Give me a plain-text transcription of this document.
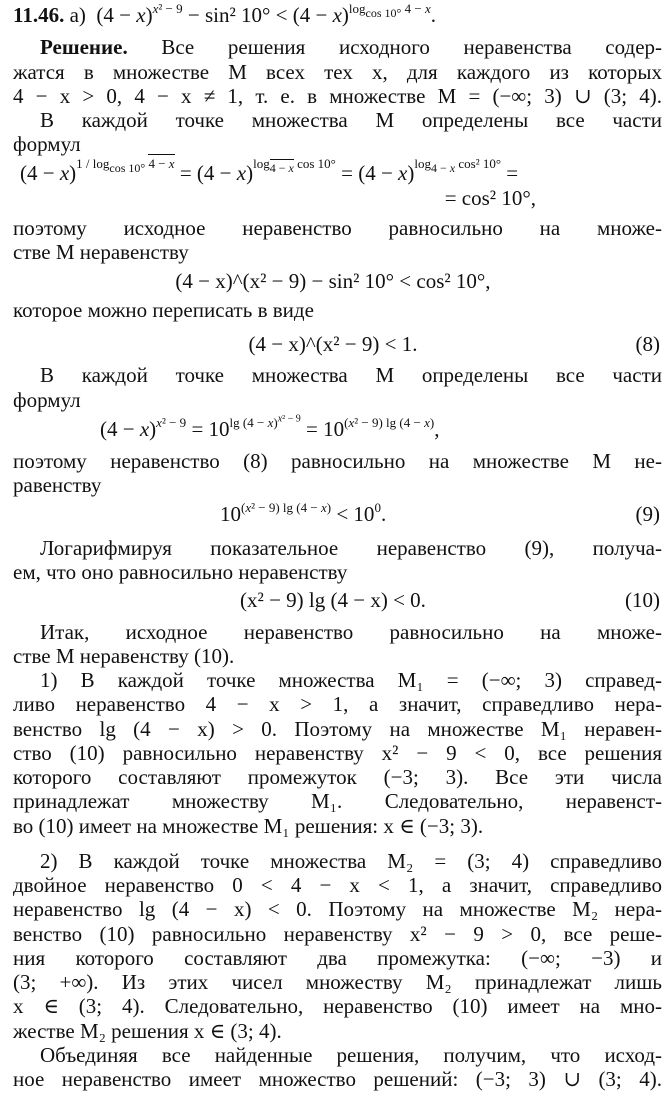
11.46. а)  $(4 - x)^{x^2 - 9} - \sin^2$ $10^\circ < (4 - x)^{log_{cos 10^\circ} 4 - x}$.
Решение. Все решения исходного неравенства содер-
жатся в множестве M всех тех x, для каждого из которых
4 − x > 0, 4 − x ≠ 1, т. е. в множестве M = (−∞; 3) ∪ (3; 4).
В каждой точке множества M определены все части
формул
$(4 - x)^{1 / log_{cos 10^\circ} 4 - x} = (4 - x)^{log_{4 - x} cos 10^\circ} = (4 - x)^{log_{4 - x} cos^2 10^\circ}$ =
= cos² 10°,
поэтому исходное неравенство равносильно на множе-
стве M неравенству
(4 − x)^(x² − 9) − sin² 10° < cos² 10°,
которое можно переписать в виде
(4 − x)^(x² − 9) < 1.	(8)
В каждой точке множества M определены все части
формул
$(4 - x)^{x^2 - 9} = 10^{lg (4 - x)^{x^2 - 9}} = 10^{(x^2 - 9) lg (4 - x)}$,
поэтому неравенство (8) равносильно на множестве M не-
равенству
$10^{(x^2 - 9) lg (4 - x)} < 10^0$.	(9)
Логарифмируя показательное неравенство (9), получа-
ем, что оно равносильно неравенству
(x² − 9) lg (4 − x) < 0.	(10)
Итак, исходное неравенство равносильно на множе-
стве M неравенству (10).
1) В каждой точке множества M₁ = (−∞; 3) справед-
ливо неравенство 4 − x > 1, а значит, справедливо нера-
венство lg (4 − x) > 0. Поэтому на множестве M₁ неравен-
ство (10) равносильно неравенству x² − 9 < 0, все решения
которого составляют промежуток (−3; 3). Все эти числа
принадлежат множеству M₁. Следовательно, неравенст-
во (10) имеет на множестве M₁ решения: x ∈ (−3; 3).
2) В каждой точке множества M₂ = (3; 4) справедливо
двойное неравенство 0 < 4 − x < 1, а значит, справедливо
неравенство lg (4 − x) < 0. Поэтому на множестве M₂ нера-
венство (10) равносильно неравенству x² − 9 > 0, все реше-
ния которого составляют два промежутка: (−∞; −3) и
(3; +∞). Из этих чисел множеству M₂ принадлежат лишь
x ∈ (3; 4). Следовательно, неравенство (10) имеет на мно-
жестве M₂ решения x ∈ (3; 4).
Объединяя все найденные решения, получим, что исход-
ное неравенство имеет множество решений: (−3; 3) ∪ (3; 4).
